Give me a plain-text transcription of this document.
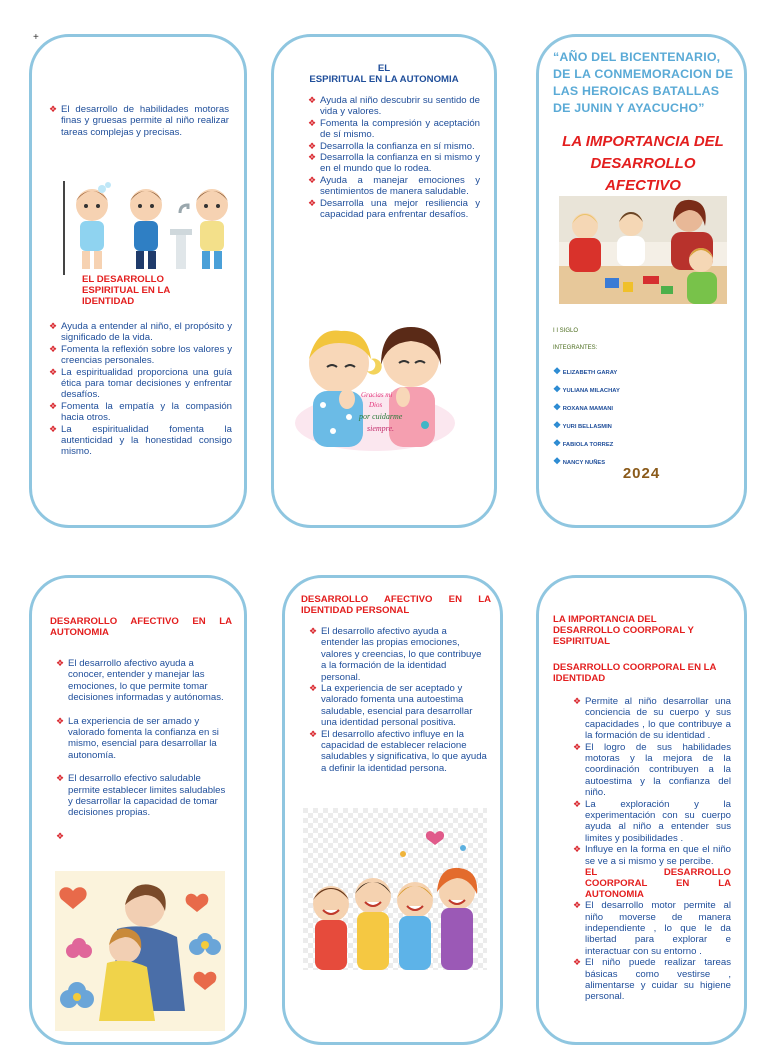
+
❖ El desarrollo de habilidades motoras finas y gruesas permite al niño realizar tareas complejas y precisas.
EL DESARROLLO ESPIRITUAL EN LA IDENTIDAD
❖ Ayuda a entender al niño, el propósito y significado de la vida.
❖ Fomenta la reflexión sobre los valores y creencias personales.
❖ La espiritualidad proporciona una guía ética para tomar decisiones y enfrentar desafíos.
❖ Fomenta la empatía y la compasión hacia otros.
❖ La espiritualidad fomenta la autenticidad y la honestidad consigo mismo.
EL
ESPIRITUAL EN LA AUTONOMIA
❖ Ayuda al niño descubrir su sentido de vida y valores.
❖ Fomenta la compresión y aceptación de sí mismo.
❖ Desarrolla la confianza en sí mismo.
❖ Desarrolla la confianza en si mismo y en el mundo que lo rodea.
❖ Ayuda a manejar emociones y sentimientos de manera saludable.
❖ Desarrolla una mejor resiliencia y capacidad para enfrentar desafíos.
Gracias mi
Dios
por cuidarme
siempre.
“AÑO DEL BICENTENARIO, DE LA CONMEMORACION DE LAS HEROICAS BATALLAS DE JUNIN Y AYACUCHO”
LA IMPORTANCIA DEL DESARROLLO AFECTIVO
I I SIGLO
INTEGRANTES:
❖ ELIZABETH GARAY
❖ YULIANA MILACHAY
❖ ROXANA MAMANI
❖ YURI BELLASMIN
❖ FABIOLA TORREZ
❖ NANCY NUÑES
2024
DESARROLLO AFECTIVO EN LA AUTONOMIA
❖ El desarrollo afectivo ayuda a conocer, entender y manejar las emociones, lo que permite tomar decisiones informadas y autónomas.
❖ La experiencia de ser amado y valorado fomenta la confianza en si mismo, esencial para desarrollar la autonomía.
❖ El desarrollo efectivo saludable permite establecer limites saludables y desarrollar la capacidad de tomar decisiones propias.
❖
DESARROLLO AFECTIVO EN LA IDENTIDAD PERSONAL
❖ El desarrollo afectivo ayuda a entender las propias emociones, valores y creencias, lo que contribuye a la formación de la identidad personal.
❖ La experiencia de ser aceptado y valorado fomenta una autoestima saludable, esencial para desarrollar una identidad personal positiva.
❖ El desarrollo afectivo influye en la capacidad de establecer relacione saludables y significativa, lo que ayuda a definir la identidad persona.
LA IMPORTANCIA DEL DESARROLLO COORPORAL Y ESPIRITUAL
DESARROLLO COORPORAL EN LA IDENTIDAD
❖ Permite al niño desarrollar una conciencia de su cuerpo y sus capacidades , lo que contribuye a la formación de su identidad .
❖ El logro de sus habilidades motoras y la mejora de la coordinación contribuyen a la autoestima y la confianza del niño.
❖ La exploración y la experimentación con su cuerpo ayuda al niño a entender sus limites y posibilidades .
❖ Influye en la forma en que el niño se ve a si mismo y se percibe.
EL DESARROLLO COORPORAL EN LA AUTONOMIA
❖ El desarrollo motor permite al niño moverse de manera independiente , lo que le da libertad para explorar e interactuar con su entorno .
❖ El niño puede realizar tareas básicas como vestirse , alimentarse y cuidar su higiene personal.
